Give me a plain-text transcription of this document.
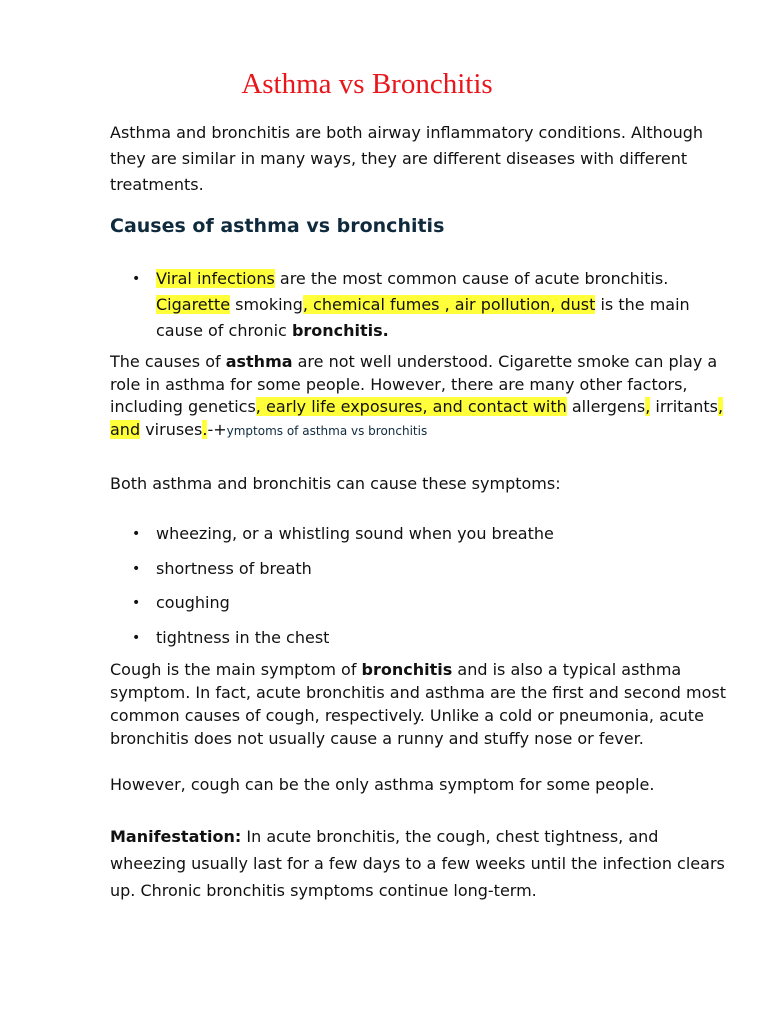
Asthma vs Bronchitis

Asthma and bronchitis are both airway inflammatory conditions. Although they are similar in many ways, they are different diseases with different treatments.

Causes of asthma vs bronchitis
• Viral infections are the most common cause of acute bronchitis. Cigarette smoking, chemical fumes , air pollution, dust is the main cause of chronic bronchitis.

The causes of asthma are not well understood. Cigarette smoke can play a role in asthma for some people. However, there are many other factors, including genetics, early life exposures, and contact with allergens, irritants, and viruses.-+ymptoms of asthma vs bronchitis

Both asthma and bronchitis can cause these symptoms:

• wheezing, or a whistling sound when you breathe
• shortness of breath
• coughing
• tightness in the chest

Cough is the main symptom of bronchitis and is also a typical asthma symptom. In fact, acute bronchitis and asthma are the first and second most common causes of cough, respectively. Unlike a cold or pneumonia, acute bronchitis does not usually cause a runny and stuffy nose or fever.

However, cough can be the only asthma symptom for some people.

Manifestation: In acute bronchitis, the cough, chest tightness, and wheezing usually last for a few days to a few weeks until the infection clears up. Chronic bronchitis symptoms continue long-term.
